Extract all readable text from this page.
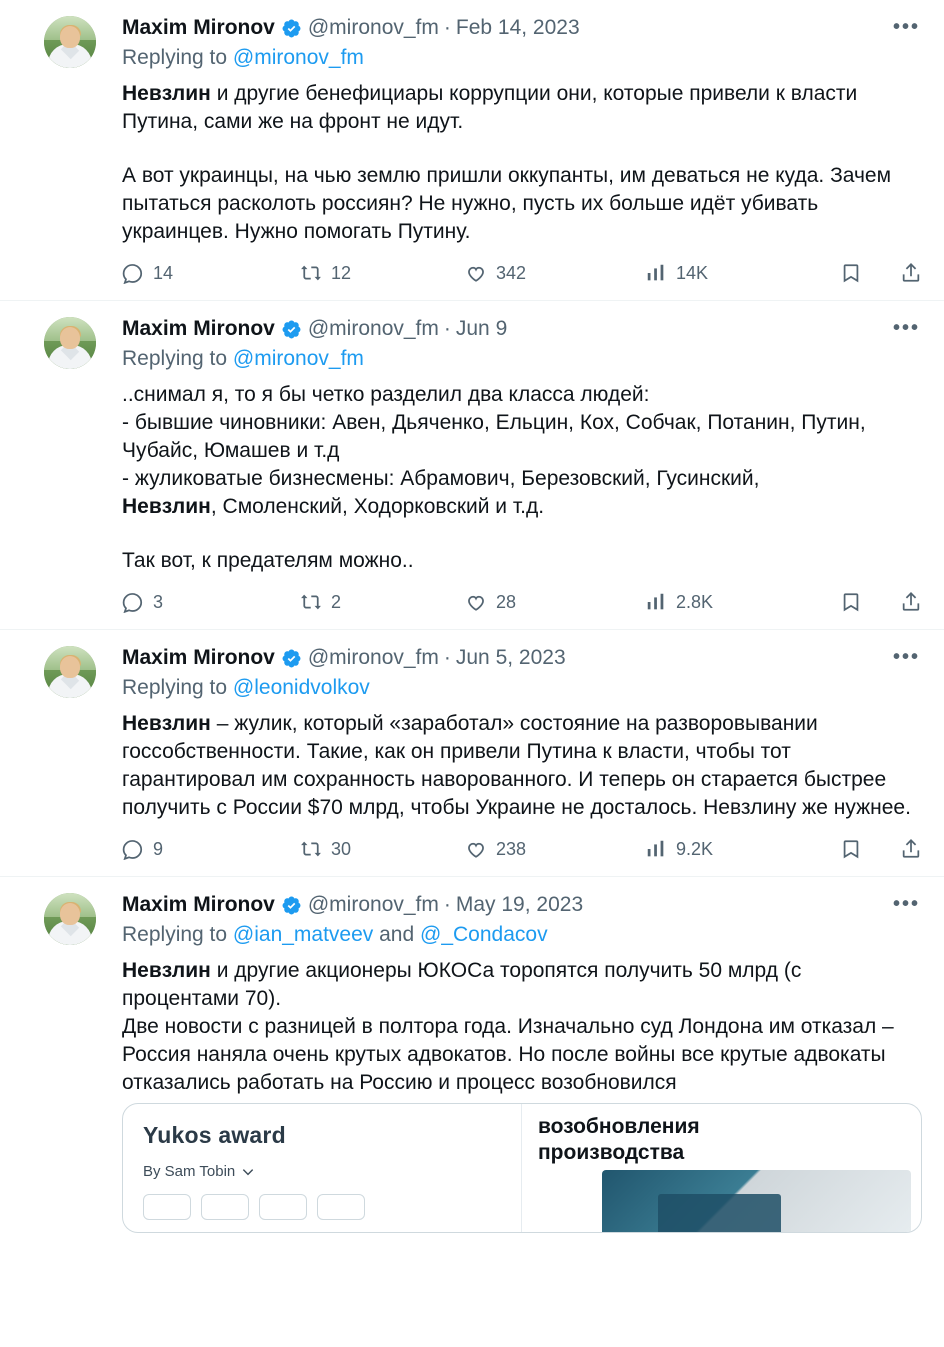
Maxim Mironov @mironov_fm · Feb 14, 2023
Replying to @mironov_fm
Невзлин и другие бенефициары коррупции они, которые привели к власти Путина, сами же на фронт не идут.
А вот украинцы, на чью землю пришли оккупанты, им деваться не куда. Зачем пытаться расколоть россиян? Не нужно, пусть их больше идёт убивать украинцев. Нужно помогать Путину.
14	12	342	14K
•••
Maxim Mironov @mironov_fm · Jun 9
Replying to @mironov_fm
..снимал я, то я бы четко разделил два класса людей:
- бывшие чиновники: Авен, Дьяченко, Ельцин, Кох, Собчак, Потанин, Путин, Чубайс, Юмашев и т.д
- жуликоватые бизнесмены: Абрамович, Березовский, Гусинский,
Невзлин, Смоленский, Ходорковский и т.д.
Так вот, к предателям можно..
3	2	28	2.8K
•••
Maxim Mironov @mironov_fm · Jun 5, 2023
Replying to @leonidvolkov
Невзлин – жулик, который «заработал» состояние на разворовывании госсобственности. Такие, как он привели Путина к власти, чтобы тот гарантировал им сохранность наворованного. И теперь он старается быстрее получить с России $70 млрд, чтобы Украине не досталось. Невзлину же нужнее.
9	30	238	9.2K
•••
Maxim Mironov @mironov_fm · May 19, 2023
Replying to @ian_matveev and @_Condacov
Невзлин и другие акционеры ЮКОСа торопятся получить 50 млрд (с процентами 70).
Две новости с разницей в полтора года. Изначально суд Лондона им отказал – Россия наняла очень крутых адвокатов. Но после войны все крутые адвокаты отказались работать на Россию и процесс возобновился
Yukos award
By Sam Tobin
возобновления
производства
•••
